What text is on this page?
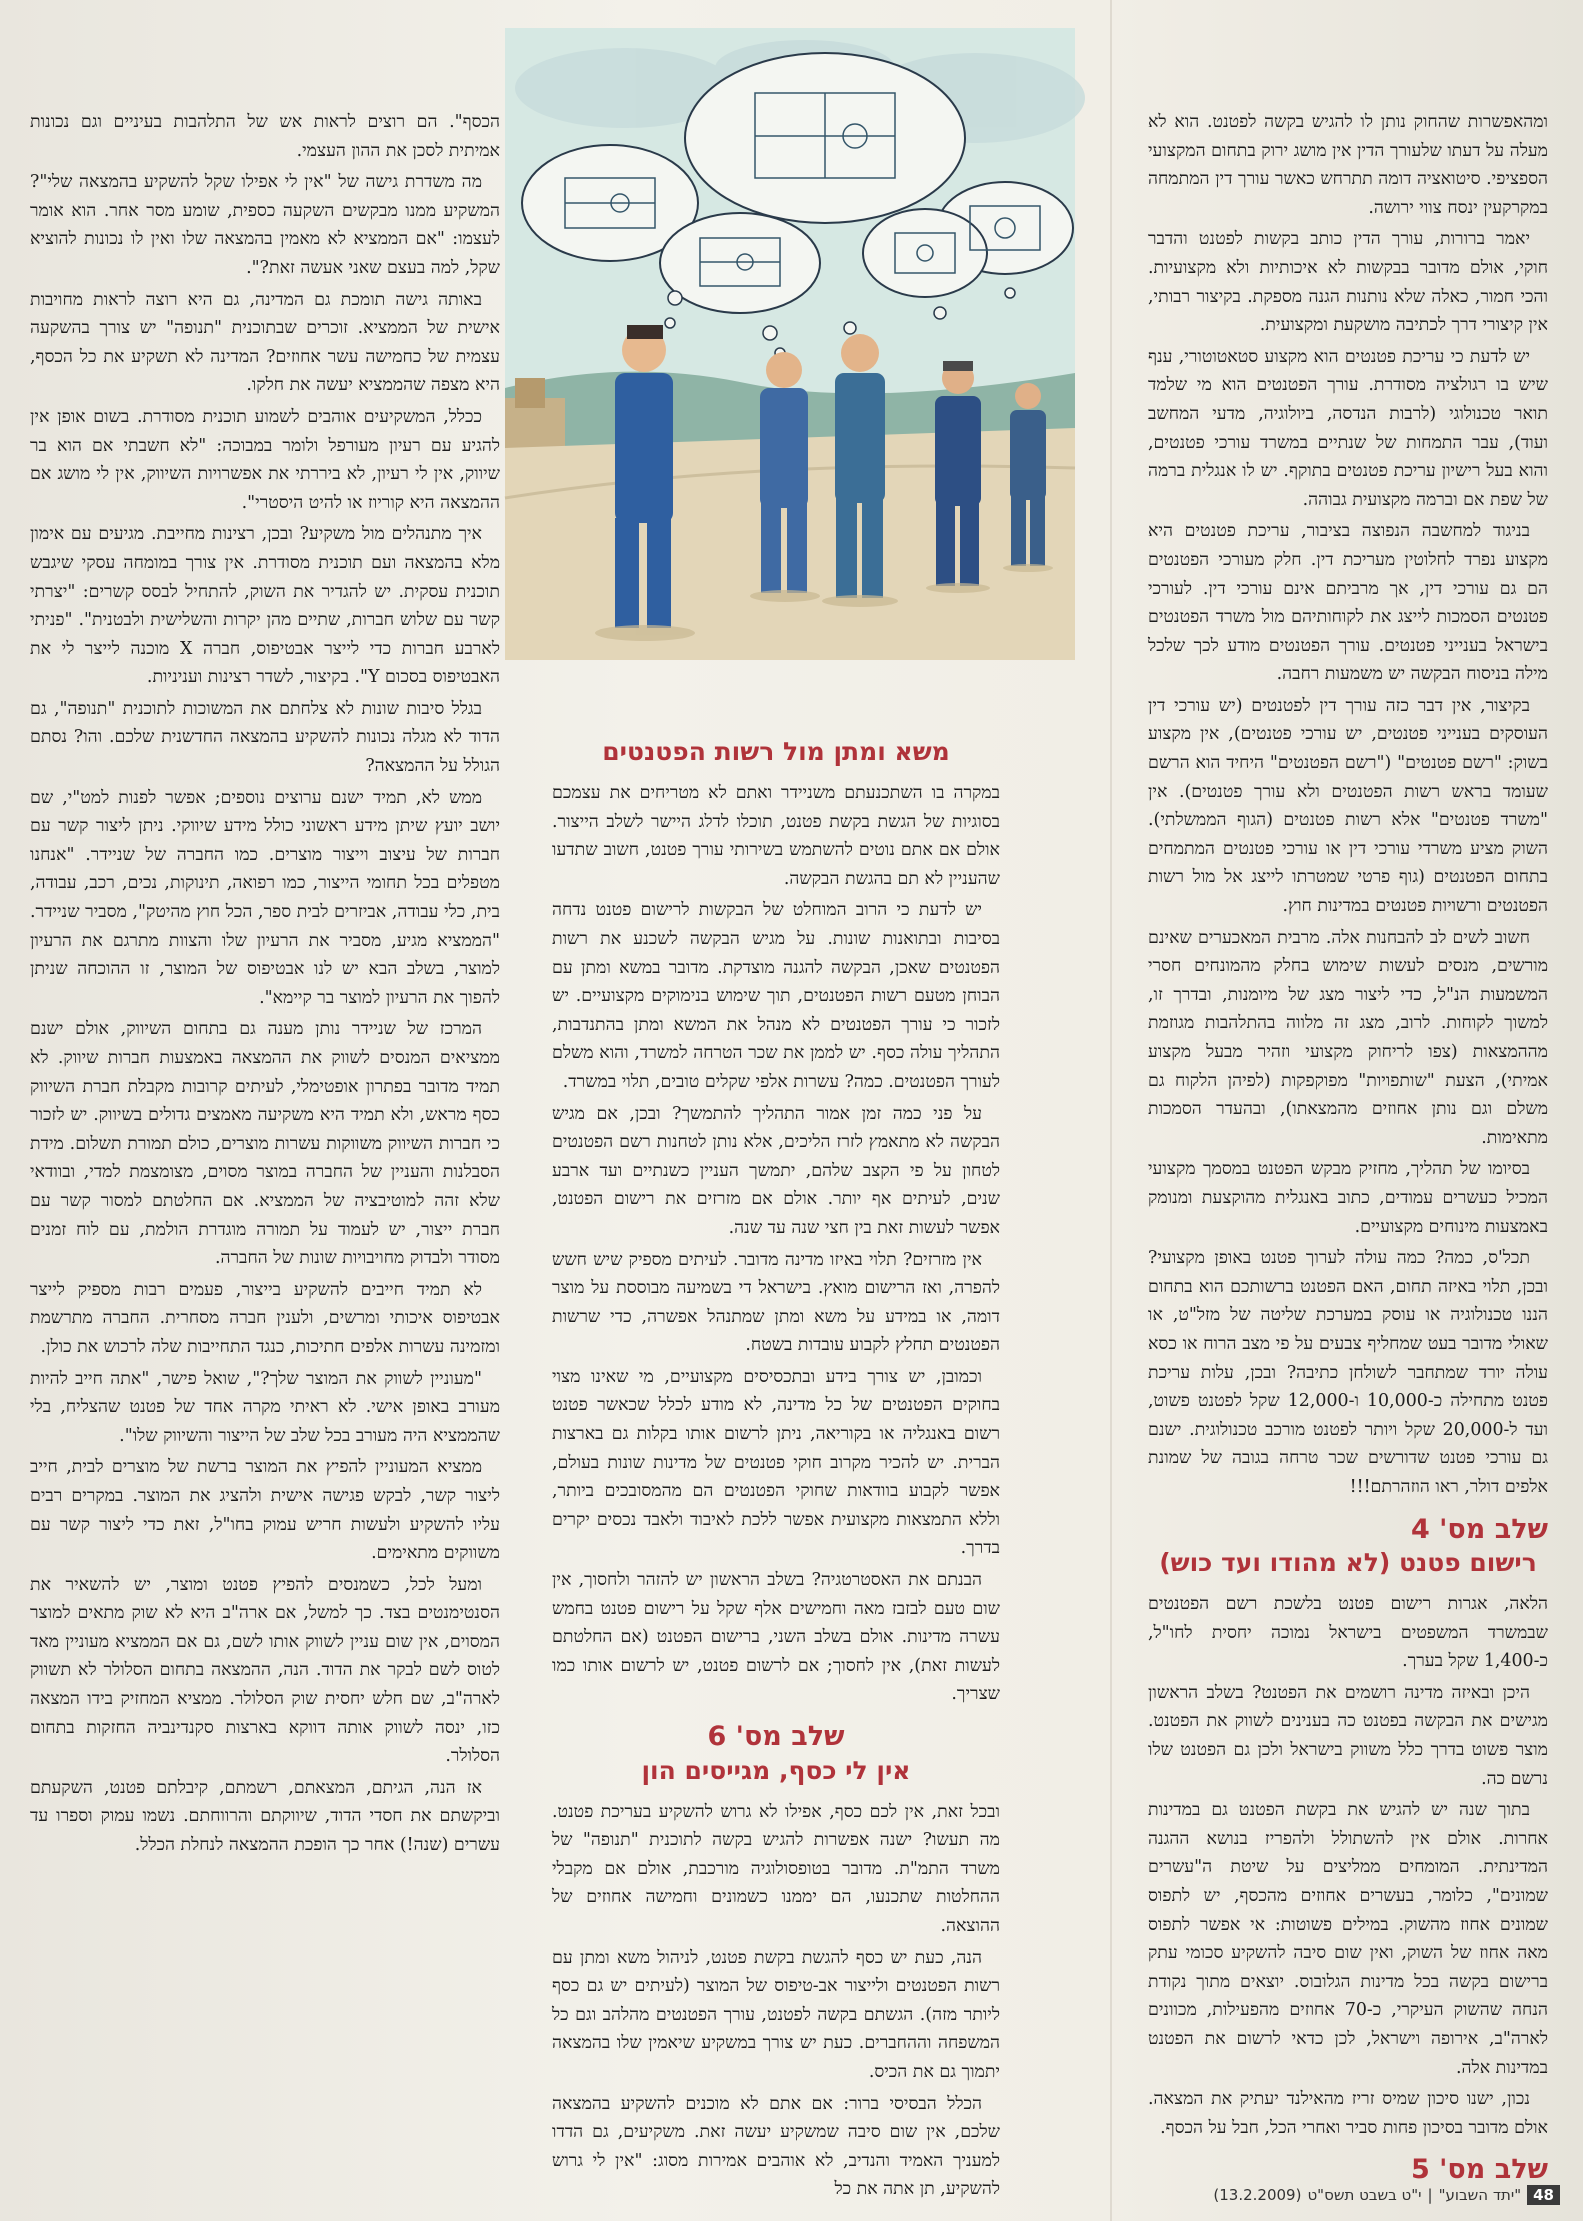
ומהאפשרות שהחוק נותן לו להגיש בקשה לפטנט. הוא לא מעלה על דעתו שלעורך הדין אין מושג ירוק בתחום המקצועי הספציפי. סיטואציה דומה תתרחש כאשר עורך דין המתמחה במקרקעין ינסח צווי ירושה.

יאמר ברורות, עורך הדין כותב בקשות לפטנט והדבר חוקי, אולם מדובר בבקשות לא איכותיות ולא מקצועיות. והכי חמור, כאלה שלא נותנות הגנה מספקת. בקיצור רבותי, אין קיצורי דרך לכתיבה מושקעת ומקצועית.

יש לדעת כי עריכת פטנטים הוא מקצוע סטאטוטורי, ענף שיש בו רגולציה מסודרת. עורך הפטנטים הוא מי שלמד תואר טכנולוגי (לרבות הנדסה, ביולוגיה, מדעי המחשב ועוד), עבר התמחות של שנתיים במשרד עורכי פטנטים, והוא בעל רישיון עריכת פטנטים בתוקף. יש לו אנגלית ברמה של שפת אם וברמה מקצועית גבוהה.

בניגוד למחשבה הנפוצה בציבור, עריכת פטנטים היא מקצוע נפרד לחלוטין מעריכת דין. חלק מעורכי הפטנטים הם גם עורכי דין, אך מרביתם אינם עורכי דין. לעורכי פטנטים הסמכות לייצג את לקוחותיהם מול משרד הפטנטים בישראל בענייני פטנטים. עורך הפטנטים מודע לכך שלכל מילה בניסוח הבקשה יש משמעות רחבה.

בקיצור, אין דבר כזה עורך דין לפטנטים (יש עורכי דין העוסקים בענייני פטנטים, יש עורכי פטנטים), אין מקצוע בשוק: "רשם פטנטים" ("רשם הפטנטים" היחיד הוא הרשם שעומד בראש רשות הפטנטים ולא עורך פטנטים). אין "משרד פטנטים" אלא רשות פטנטים (הגוף הממשלתי). השוק מציע משרדי עורכי דין או עורכי פטנטים המתמחים בתחום הפטנטים (גוף פרטי שמטרתו לייצג אל מול רשות הפטנטים ורשויות פטנטים במדינות חוץ.

חשוב לשים לב להבחנות אלה. מרבית המאכערים שאינם מורשים, מנסים לעשות שימוש בחלק מהמונחים חסרי המשמעות הנ"ל, כדי ליצור מצג של מיומנות, ובדרך זו, למשוך לקוחות. לרוב, מצג זה מלווה בהתלהבות מגוזמת מההמצאות (צפו לריחוק מקצועי וזהיר מבעל מקצוע אמיתי), הצעת "שותפויות" מפוקפקות (לפיהן הלקוח גם משלם וגם נותן אחוזים מהמצאתו), ובהעדר הסמכות מתאימות.

בסיומו של תהליך, מחזיק מבקש הפטנט במסמך מקצועי המכיל כעשרים עמודים, כתוב באנגלית מהוקצעת ומנומק באמצעות מינוחים מקצועיים.

תכל'ס, כמה? כמה עולה לערוך פטנט באופן מקצועי? ובכן, תלוי באיזה תחום, האם הפטנט ברשותכם הוא בתחום הננו טכנולוגיה או עוסק במערכת שליטה של מזל"ט, או שאולי מדובר בעט שמחליף צבעים על פי מצב הרוח או כסא עולה יורד שמתחבר לשולחן כתיבה? ובכן, עלות עריכת פטנט מתחילה כ-10,000 ו-12,000 שקל לפטנט פשוט, ועד ל-20,000 שקל ויותר לפטנט מורכב טכנולוגית. ישנם גם עורכי פטנט שדורשים שכר טרחה בגובה של שמונת אלפים דולר, ראו הוזהרתם!!!

שלב מס' 4
רישום פטנט (לא מהודו ועד כוש)

הלאה, אגרות רישום פטנט בלשכת רשם הפטנטים שבמשרד המשפטים בישראל נמוכה יחסית לחו"ל, כ-1,400 שקל בערך.

היכן ובאיזה מדינה רושמים את הפטנט? בשלב הראשון מגישים את הבקשה בפטנט כה בענינים לשווק את הפטנט. מוצר פשוט בדרך כלל משווק בישראל ולכן גם הפטנט שלו נרשם כה.

בתוך שנה יש להגיש את בקשת הפטנט גם במדינות אחרות. אולם אין להשתולל ולהפריז בנושא ההגנה המדינתית. המומחים ממליצים על שיטת ה"עשרים שמונים", כלומר, בעשרים אחוזים מהכסף, יש לתפוס שמונים אחוז מהשוק. במילים פשוטות: אי אפשר לתפוס מאה אחוז של השוק, ואין שום סיבה להשקיע סכומי עתק ברישום בקשה בכל מדינות הגלובוס. יוצאים מתוך נקודת הנחה שהשוק העיקרי, כ-70 אחוזים מהפעילות, מכוונים לארה"ב, אירופה וישראל, לכן כדאי לרשום את הפטנט במדינות אלה.

נכון, ישנו סיכון שמיס זריז מהאילנד יעתיק את המצאה. אולם מדובר בסיכון פחות סביר ואחרי הכל, חבל על הכסף.

שלב מס' 5
משא ומתן מול רשות הפטנטים

במקרה בו השתכנעתם משניידר ואתם לא מטריחים את עצמכם בסוגיות של הגשת בקשת פטנט, תוכלו לדלג היישר לשלב הייצור. אולם אם אתם נוטים להשתמש בשירותי עורך פטנט, חשוב שתדעו שהעניין לא תם בהגשת הבקשה.

יש לדעת כי הרוב המוחלט של הבקשות לרישום פטנט נדחה בסיבות ובתואנות שונות. על מגיש הבקשה לשכנע את רשות הפטנטים שאכן, הבקשה להגנה מוצדקת. מדובר במשא ומתן עם הבוחן מטעם רשות הפטנטים, תוך שימוש בנימוקים מקצועיים. יש לזכור כי עורך הפטנטים לא מנהל את המשא ומתן בהתנדבות, התהליך עולה כסף. יש לממן את שכר הטרחה למשרד, והוא משלם לעורך הפטנטים. כמה? עשרות אלפי שקלים טובים, תלוי במשרד.

על פני כמה זמן אמור התהליך להתמשך? ובכן, אם מגיש הבקשה לא מתאמץ לזרז הליכים, אלא נותן לטחנות רשם הפטנטים לטחון על פי הקצב שלהם, יתמשך העניין כשנתיים ועד ארבע שנים, לעיתים אף יותר. אולם אם מזרזים את רישום הפטנט, אפשר לעשות זאת בין חצי שנה עד שנה.

אין מזרזים? תלוי באיזו מדינה מדובר. לעיתים מספיק שיש חשש להפרה, ואז הרישום מואץ. בישראל די בשמיעה מבוססת על מוצר דומה, או במידע על משא ומתן שמתנהל אפשרה, כדי שרשות הפטנטים תחלץ לקבוע עובדות בשטח.

וכמובן, יש צורך בידע ובתכסיסים מקצועיים, מי שאינו מצוי בחוקים הפטנטים של כל מדינה, לא מודע לכלל שכאשר פטנט רשום באנגליה או בקוריאה, ניתן לרשום אותו בקלות גם בארצות הברית. יש להכיר מקרוב חוקי פטנטים של מדינות שונות בעולם, אפשר לקבוע בוודאות שחוקי הפטנטים הם מהמסובכים ביותר, וללא התמצאות מקצועית אפשר ללכת לאיבוד ולאבד נכסים יקרים בדרך.

הבנתם את האסטרטגיה? בשלב הראשון יש להזהר ולחסוך, אין שום טעם לבזבז מאה וחמישים אלף שקל על רישום פטנט בחמש עשרה מדינות. אולם בשלב השני, ברישום הפטנט (אם החלטתם לעשות זאת), אין לחסוך; אם לרשום פטנט, יש לרשום אותו כמו שצריך.

שלב מס' 6
אין לי כסף, מגייסים הון

ובכל זאת, אין לכם כסף, אפילו לא גרוש להשקיע בעריכת פטנט. מה תעשו? ישנה אפשרות להגיש בקשה לתוכנית "תנופה" של משרד התמ"ת. מדובר בטופסולוגיה מורכבת, אולם אם מקבלי ההחלטות שתכנעו, הם יממנו כשמונים וחמישה אחוזים של ההוצאה.

הנה, כעת יש כסף להגשת בקשת פטנט, לניהול משא ומתן עם רשות הפטנטים ולייצור אב-טיפוס של המוצר (לעיתים יש גם כסף ליותר מזה). הגשתם בקשה לפטנט, עורך הפטנטים מהלהב וגם כל המשפחה וההחברים. כעת יש צורך במשקיע שיאמין שלו בהמצאה יתמוך גם את הכיס.

הכלל הבסיסי ברור: אם אתם לא מוכנים להשקיע בהמצאה שלכם, אין שום סיבה שמשקיע יעשה זאת. משקיעים, גם הדדו למעניך האמיד והנדיב, לא אוהבים אמירות מסוג: "אין לי גרוש להשקיע, תן אתה את כל

הכסף". הם רוצים לראות אש של התלהבות בעיניים וגם נכונות אמיתית לסכן את ההון העצמי.

מה משדרת גישה של "אין לי אפילו שקל להשקיע בהמצאה שלי"? המשקיע ממנו מבקשים השקעה כספית, שומע מסר אחר. הוא אומר לעצמו: "אם הממציא לא מאמין בהמצאה שלו ואין לו נכונות להוציא שקל, למה בעצם שאני אעשה זאת?".

באותה גישה תומכת גם המדינה, גם היא רוצה לראות מחויבות אישית של הממציא. זוכרים שבתוכנית "תנופה" יש צורך בהשקעה עצמית של כחמישה עשר אחוזים? המדינה לא תשקיע את כל הכסף, היא מצפה שהממציא יעשה את חלקו.

ככלל, המשקיעים אוהבים לשמוע תוכנית מסודרת. בשום אופן אין להגיע עם רעיון מעורפל ולומר במבוכה: "לא חשבתי אם הוא בר שיווק, אין לי רעיון, לא ביררתי את אפשרויות השיווק, אין לי מושג אם ההמצאה היא קוריוז או להיט היסטרי".

איך מתנהלים מול משקיע? ובכן, רצינות מחייבת. מגיעים עם אימון מלא בהמצאה ועם תוכנית מסודרת. אין צורך במומחה עסקי שיגבש תוכנית עסקית. יש להגדיר את השוק, להתחיל לבסס קשרים: "יצרתי קשר עם שלוש חברות, שתיים מהן יקרות והשלישית ולבטנית". "פניתי לארבע חברות כדי לייצר אבטיפוס, חברה X מוכנה לייצר לי את האבטיפוס בסכום Y". בקיצור, לשדר רצינות ועניניות.

בגלל סיבות שונות לא צלחתם את המשוכות לתוכנית "תנופה", גם הדוד לא מגלה נכונות להשקיע בהמצאה החדשנית שלכם. והו? נסתם הגולל על ההמצאה?

ממש לא, תמיד ישנם ערוצים נוספים; אפשר לפנות למט"י, שם יושב יועץ שיתן מידע ראשוני כולל מידע שיווקי. ניתן ליצור קשר עם חברות של עיצוב וייצור מוצרים. כמו החברה של שניידר. "אנחנו מטפלים בכל תחומי הייצור, כמו רפואה, תינוקות, נכים, רכב, עבודה, בית, כלי עבודה, אביזרים לבית ספר, הכל חוץ מהיטק", מסביר שניידר. "הממציא מגיע, מסביר את הרעיון שלו והצוות מתרגם את הרעיון למוצר, בשלב הבא יש לנו אבטיפוס של המוצר, זו ההוכחה שניתן להפוך את הרעיון למוצר בר קיימא".

המרכז של שניידר נותן מענה גם בתחום השיווק, אולם ישנם ממציאים המנסים לשווק את ההמצאה באמצעות חברות שיווק. לא תמיד מדובר בפתרון אופטימלי, לעיתים קרובות מקבלת חברת השיווק כסף מראש, ולא תמיד היא משקיעה מאמצים גדולים בשיווק. יש לזכור כי חברות השיווק משווקות עשרות מוצרים, כולם תמורת תשלום. מידת הסבלנות והעניין של החברה במוצר מסוים, מצומצמת למדי, ובוודאי שלא זהה למוטיבציה של הממציא. אם החלטתם למסור קשר עם חברת ייצור, יש לעמוד על תמורה מוגדרת הולמת, עם לוח זמנים מסודר ולבדוק מחויבויות שונות של החברה.

לא תמיד חייבים להשקיע בייצור, פעמים רבות מספיק לייצר אבטיפוס איכותי ומרשים, ולענין חברה מסחרית. החברה מתרשמת ומזמינה עשרות אלפים חתיכות, כנגד התחייבות שלה לרכוש את כולן.

"מעוניין לשווק את המוצר שלך?", שואל פישר, "אתה חייב להיות מעורב באופן אישי. לא ראיתי מקרה אחד של פטנט שהצליח, בלי שהממציא היה מעורב בכל שלב של הייצור והשיווק שלו".

ממציא המעוניין להפיץ את המוצר ברשת של מוצרים לבית, חייב ליצור קשר, לבקש פגישה אישית ולהציג את המוצר. במקרים רבים עליו להשקיע ולעשות חריש עמוק בחו"ל, זאת כדי ליצור קשר עם משווקים מתאימים.

ומעל לכל, כשמנסים להפיץ פטנט ומוצר, יש להשאיר את הסנטימנטים בצד. כך למשל, אם ארה"ב היא לא שוק מתאים למוצר המסוים, אין שום עניין לשווק אותו לשם, גם אם הממציא מעוניין מאד לטוס לשם לבקר את הדוד. הנה, ההמצאה בתחום הסלולר לא תשווק לארה"ב, שם חלש יחסית שוק הסלולר. ממציא המחזיק בידו המצאה כזו, ינסה לשווק אותה דווקא בארצות סקנדינביה החזקות בתחום הסלולר.

אז הנה, הגיתם, המצאתם, רשמתם, קיבלתם פטנט, השקעתם וביקשתם את חסדי הדוד, שיווקתם והרווחתם. נשמו עמוק וספרו עד עשרים (שנה!) אחר כך הופכת ההמצאה לנחלת הכלל.

48
"יתד השבוע"
|
י"ט בשבט תשס"ט
(13.2.2009)
